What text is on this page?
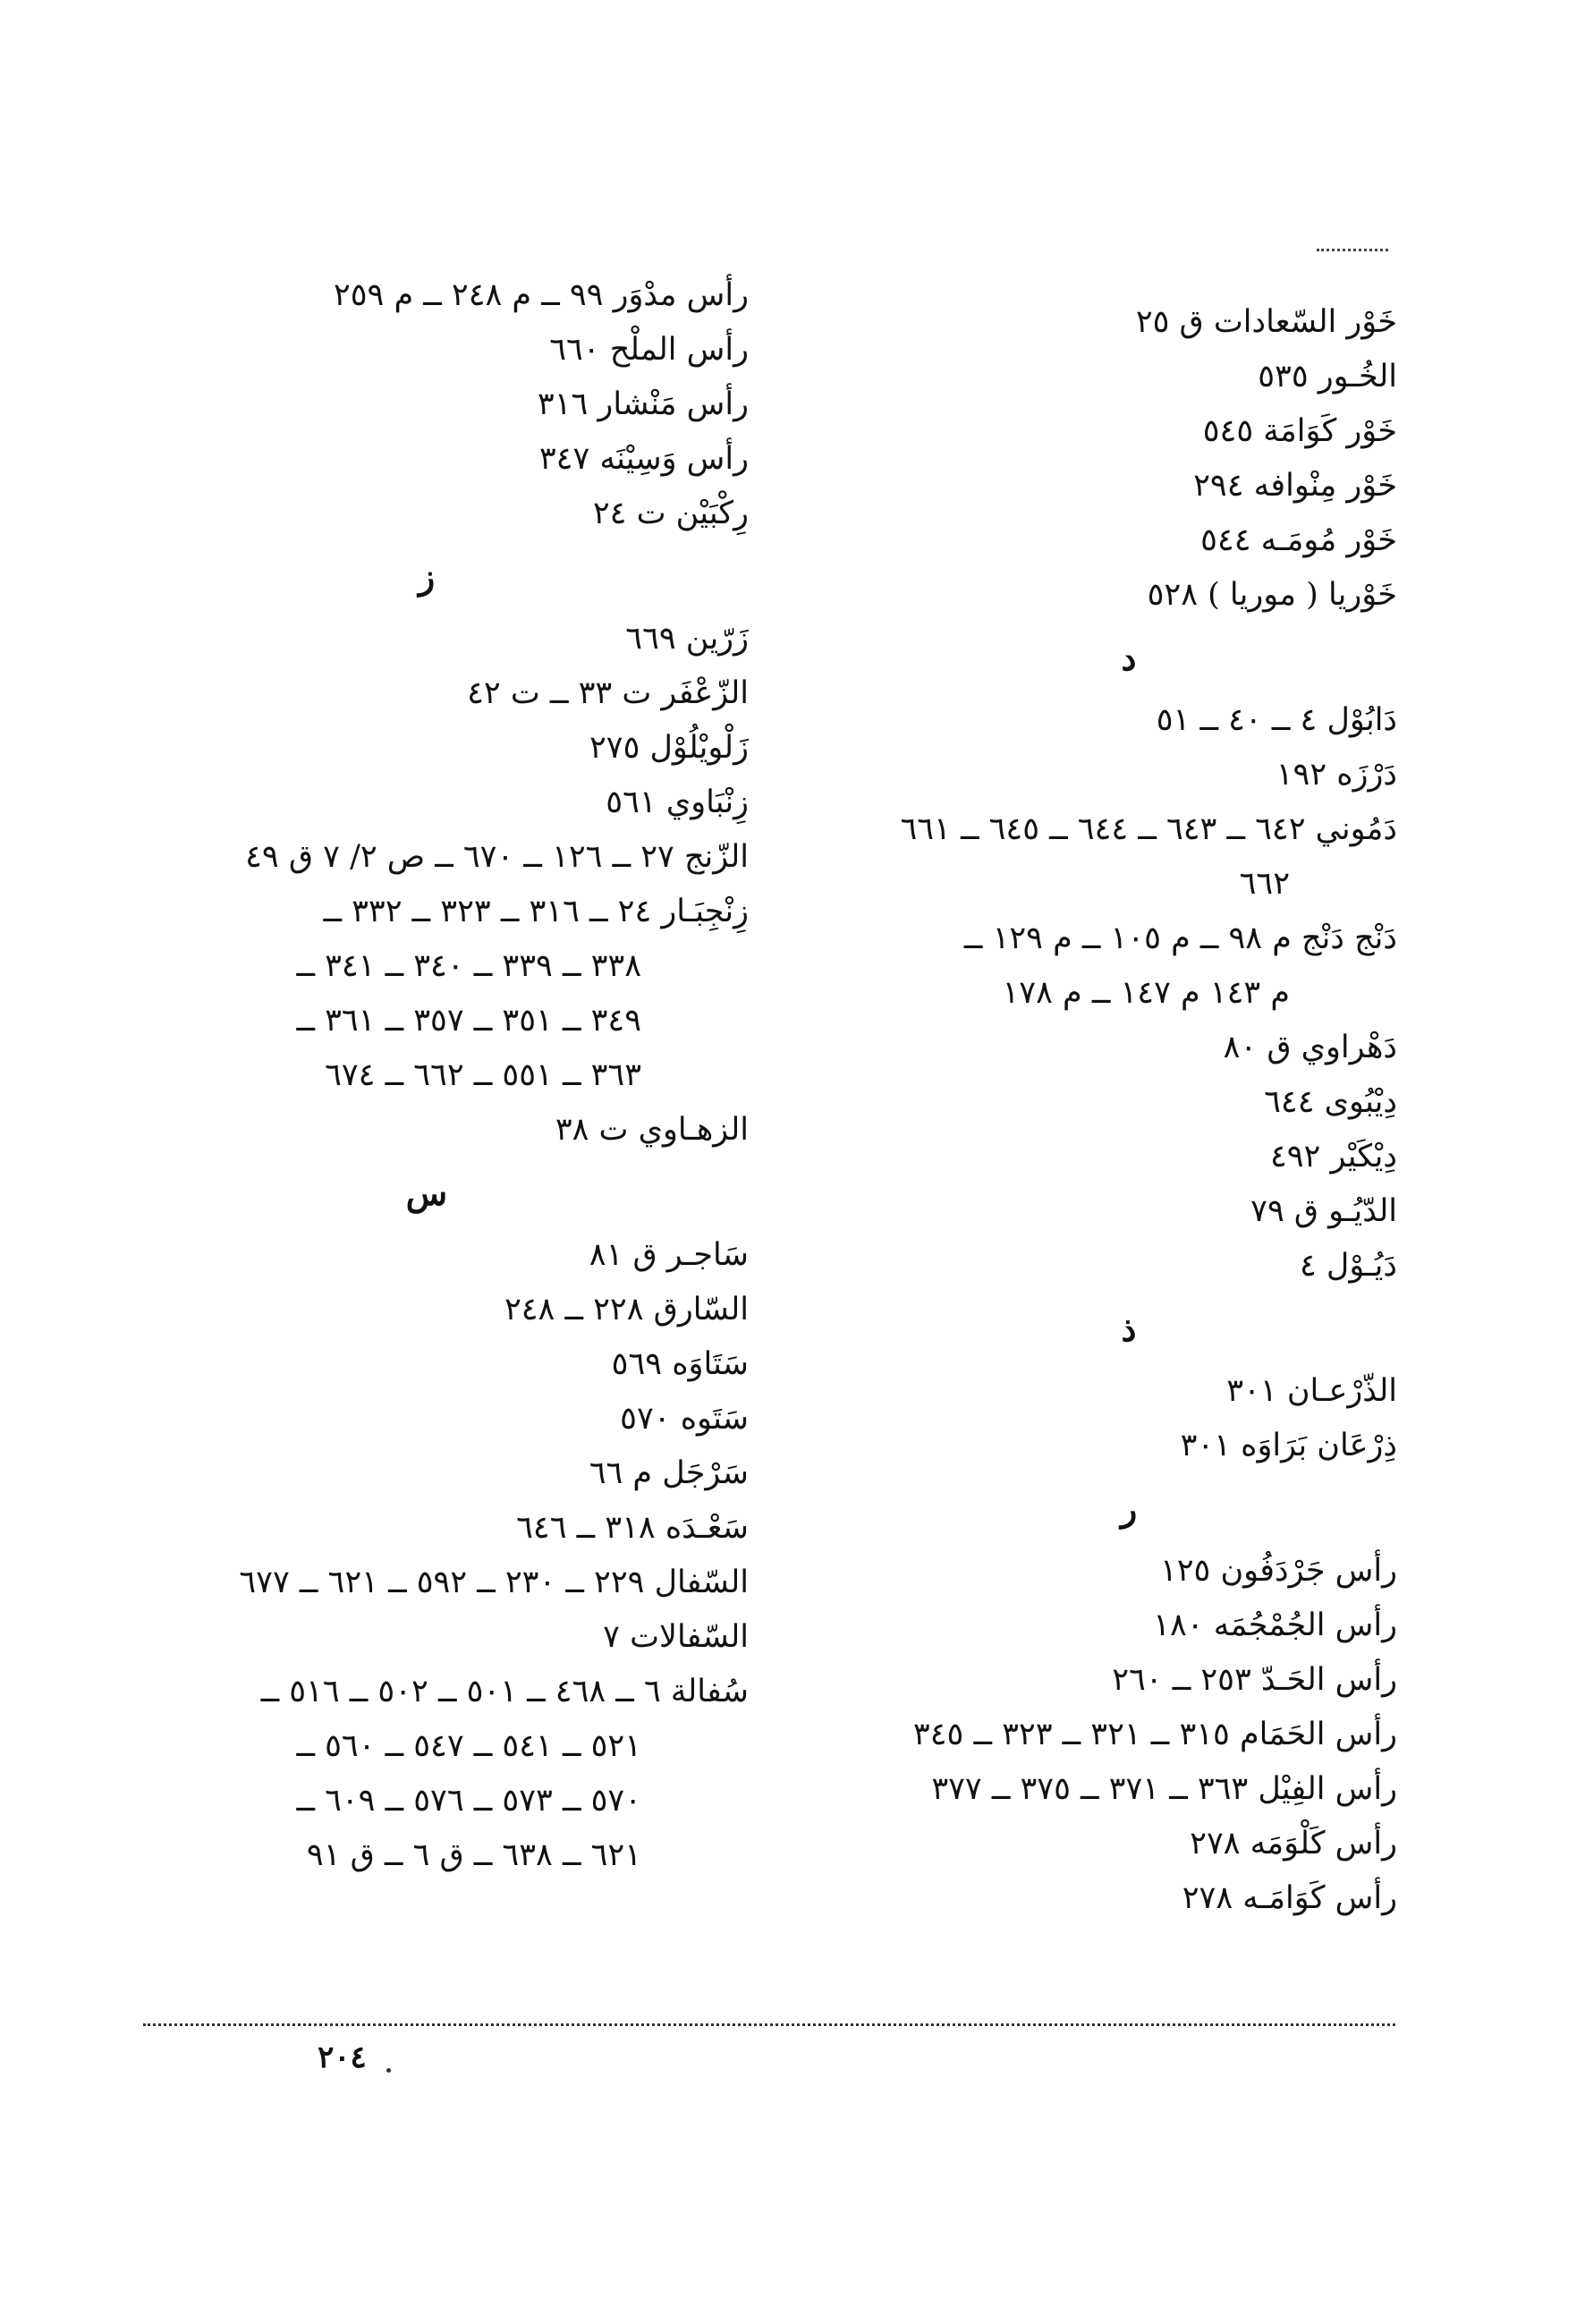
خَوْر السّعادات ق ٢٥
الخُـور ٥٣٥
خَوْر كَوَامَة ٥٤٥
خَوْر مِنْوافه ٢٩٤
خَوْر مُومَـه ٥٤٤
خَوْريا ( موريا ) ٥٢٨
د
دَابُوْل ٤ ــ ٤٠ ــ ٥١
دَرْزَه ١٩٢
دَمُوني ٦٤٢ ــ ٦٤٣ ــ ٦٤٤ ــ ٦٤٥ ــ ٦٦١
٦٦٢
دَنْج دَنْج م ٩٨ ــ م ١٠٥ ــ م ١٢٩ ــ
م ١٤٣ م ١٤٧ ــ م ١٧٨
دَهْراوي ق ٨٠
دِيْبُوى ٦٤٤
دِيْكَيْر ٤٩٢
الدّيُـو ق ٧٩
دَيُـوْل ٤
ذ
الذّرْعـان ٣٠١
ذِرْعَان بَرَاوَه ٣٠١
ر
رأس جَرْدَفُون ١٢٥
رأس الجُمْجُمَه ١٨٠
رأس الحَـدّ ٢٥٣ ــ ٢٦٠
رأس الحَمَام ٣١٥ ــ ٣٢١ ــ ٣٢٣ ــ ٣٤٥
رأس الفِيْل ٣٦٣ ــ ٣٧١ ــ ٣٧٥ ــ ٣٧٧
رأس كَلْوَمَه ٢٧٨
رأس كَوَامَـه ٢٧٨
رأس مدْوَر ٩٩ ــ م ٢٤٨ ــ م ٢٥٩
رأس الملْح ٦٦٠
رأس مَنْشار ٣١٦
رأس وَسِيْنَه ٣٤٧
رِكْبَيْن ت ٢٤
ز
زَرّين ٦٦٩
الزّعْفَر ت ٣٣ ــ ت ٤٢
زَلْويْلُوْل ٢٧٥
زِنْبَاوي ٥٦١
الزّنج ٢٧ ــ ١٢٦ ــ ٦٧٠ ــ ص ٢/ ٧ ق ٤٩
زِنْجِبَـار ٢٤ ــ ٣١٦ ــ ٣٢٣ ــ ٣٣٢ ــ
٣٣٨ ــ ٣٣٩ ــ ٣٤٠ ــ ٣٤١ ــ
٣٤٩ ــ ٣٥١ ــ ٣٥٧ ــ ٣٦١ ــ
٣٦٣ ــ ٥٥١ ــ ٦٦٢ ــ ٦٧٤
الزهـاوي ت ٣٨
س
سَاجـر ق ٨١
السّارق ٢٢٨ ــ ٢٤٨
سَتَاوَه ٥٦٩
سَتَوه ٥٧٠
سَرْجَل م ٦٦
سَعْـدَه ٣١٨ ــ ٦٤٦
السّفال ٢٢٩ ــ ٢٣٠ ــ ٥٩٢ ــ ٦٢١ ــ ٦٧٧
السّفالات ٧
سُفالة ٦ ــ ٤٦٨ ــ ٥٠١ ــ ٥٠٢ ــ ٥١٦ ــ
٥٢١ ــ ٥٤١ ــ ٥٤٧ ــ ٥٦٠ ــ
٥٧٠ ــ ٥٧٣ ــ ٥٧٦ ــ ٦٠٩ ــ
٦٢١ ــ ٦٣٨ ــ ق ٦ ــ ق ٩١
٢٠٤
